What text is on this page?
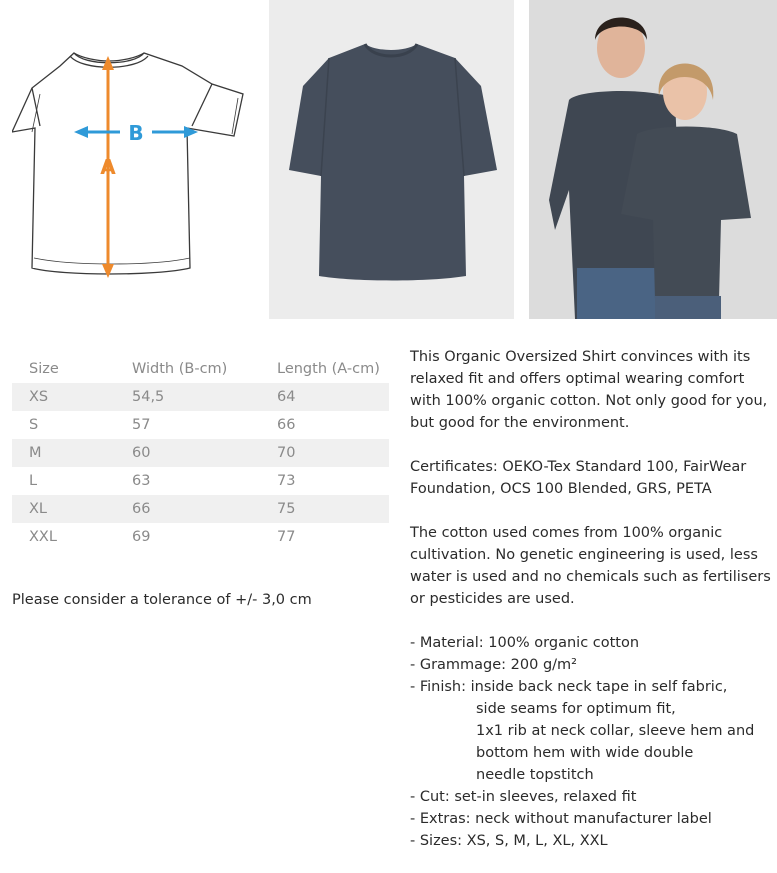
B
A
Size	Width (B-cm)	Length (A-cm)
XS	54,5	64
S	57	66
M	60	70
L	63	73
XL	66	75
XXL	69	77
Please consider a tolerance of +/- 3,0 cm

This Organic Oversized Shirt convinces with its relaxed fit and offers optimal wearing comfort with 100% organic cotton. Not only good for you, but good for the environment.

Certificates: OEKO-Tex Standard 100, FairWear Foundation, OCS 100 Blended, GRS, PETA

The cotton used comes from 100% organic cultivation. No genetic engineering is used, less water is used and no chemicals such as fertilisers or pesticides are used.

- Material: 100% organic cotton
- Grammage: 200 g/m²
- Finish: inside back neck tape in self fabric,
side seams for optimum fit,
1x1 rib at neck collar, sleeve hem and
bottom hem with wide double
needle topstitch
- Cut: set-in sleeves, relaxed fit
- Extras: neck without manufacturer label
- Sizes: XS, S, M, L, XL, XXL
